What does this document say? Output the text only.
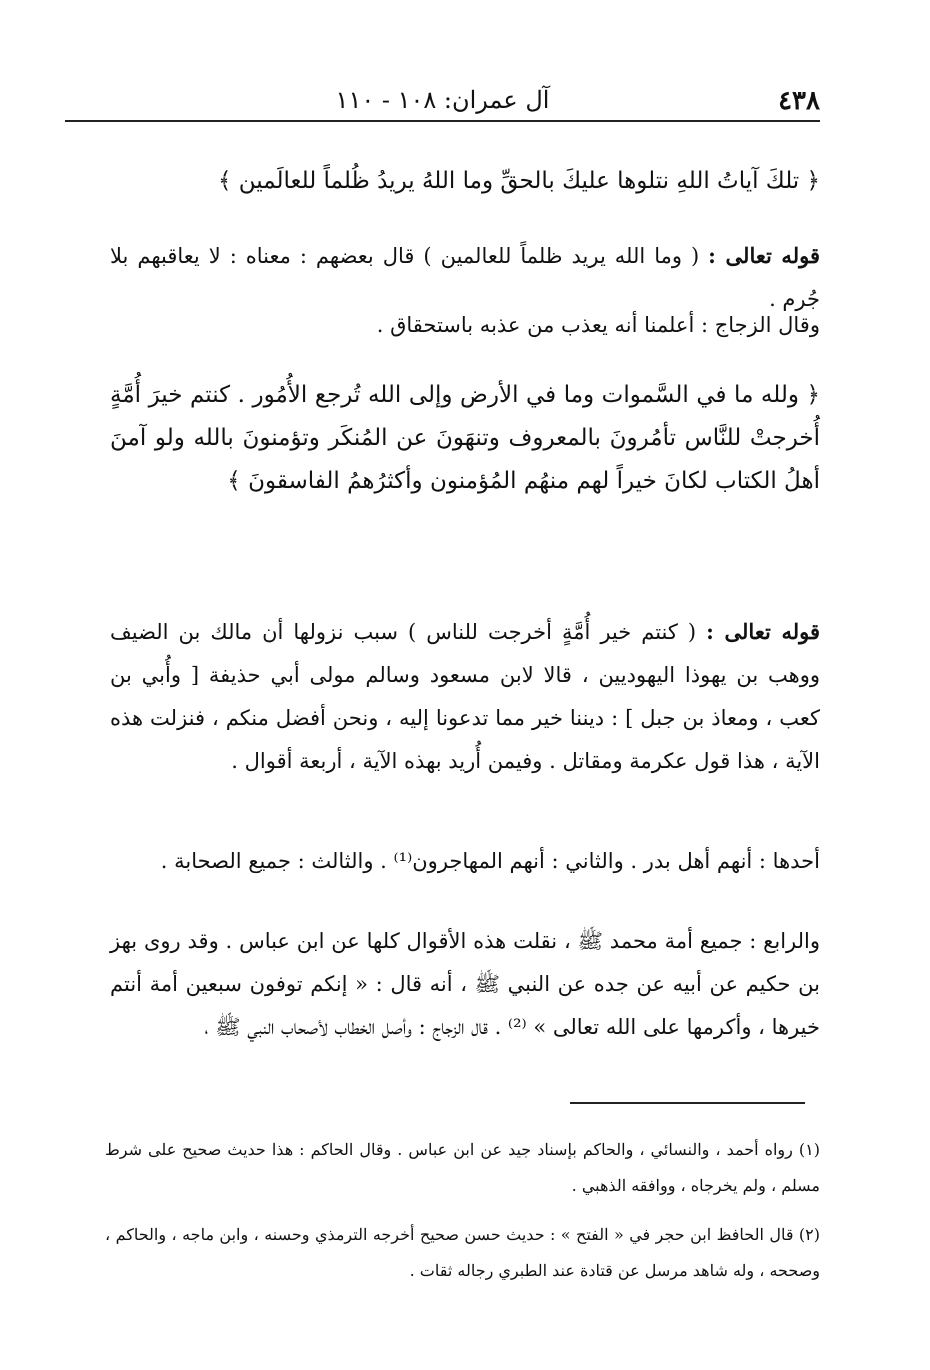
٤٣٨
آل عمران: ١٠٨ - ١١٠
﴿ تلكَ آياتُ اللهِ نتلوها عليكَ بالحقِّ وما اللهُ يريدُ ظُلماً للعالَمين ﴾
قوله تعالى : ( وما الله يريد ظلماً للعالمين ) قال بعضهم : معناه : لا يعاقبهم بلا جُرم .
وقال الزجاج : أعلمنا أنه يعذب من عذبه باستحقاق .
﴿ ولله ما في السَّموات وما في الأرض وإلى الله تُرجع الأُمُور . كنتم خيرَ أُمَّةٍ أُخرجتْ للنَّاس تأمُرونَ بالمعروف وتنهَونَ عن المُنكَر وتؤمنونَ بالله ولو آمنَ أهلُ الكتاب لكانَ خيراً لهم منهُم المُؤمنون وأكثرُهمُ الفاسقونَ ﴾
قوله تعالى : ( كنتم خير أُمَّةٍ أخرجت للناس ) سبب نزولها أن مالك بن الضيف ووهب بن يهوذا اليهوديين ، قالا لابن مسعود وسالم مولى أبي حذيفة [ وأُبي بن كعب ، ومعاذ بن جبل ] : ديننا خير مما تدعونا إليه ، ونحن أفضل منكم ، فنزلت هذه الآية ، هذا قول عكرمة ومقاتل . وفيمن أُريد بهذه الآية ، أربعة أقوال .
أحدها : أنهم أهل بدر . والثاني : أنهم المهاجرون⁽¹⁾ . والثالث : جميع الصحابة .
والرابع : جميع أمة محمد ﷺ ، نقلت هذه الأقوال كلها عن ابن عباس . وقد روى بهز بن حكيم عن أبيه عن جده عن النبي ﷺ ، أنه قال : « إنكم توفون سبعين أمة أنتم خيرها ، وأكرمها على الله تعالى » ⁽²⁾ . قال الزجاج : وأصل الخطاب لأصحاب النبي ﷺ ،
(١) رواه أحمد ، والنسائي ، والحاكم بإسناد جيد عن ابن عباس . وقال الحاكم : هذا حديث صحيح على شرط مسلم ، ولم يخرجاه ، ووافقه الذهبي .
(٢) قال الحافظ ابن حجر في « الفتح » : حديث حسن صحيح أخرجه الترمذي وحسنه ، وابن ماجه ، والحاكم ، وصححه ، وله شاهد مرسل عن قتادة عند الطبري رجاله ثقات .
